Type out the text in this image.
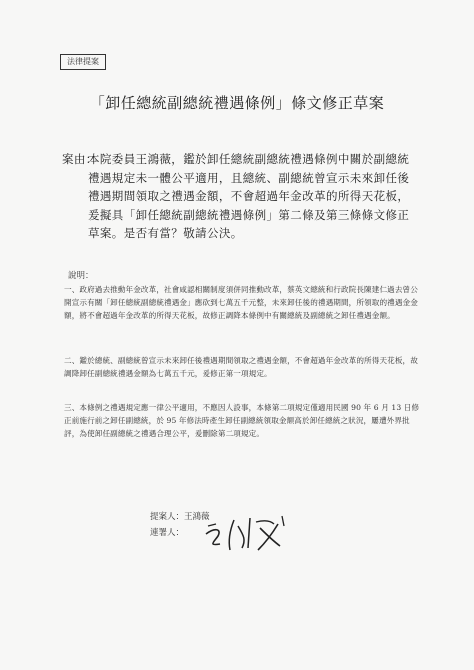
法律提案
「卸任總統副總統禮遇條例」條文修正草案
案由：
本院委員王鴻薇，鑑於卸任總統副總統禮遇條例中關於副總統禮遇規定未一體公平適用，且總統、副總統曾宣示未來卸任後禮遇期間領取之禮遇金額，不會超過年金改革的所得天花板，爰擬具「卸任總統副總統禮遇條例」第二條及第三條條文修正草案。是否有當？敬請公決。
說明：
一、政府過去推動年金改革，社會咸認相關制度須併同推動改革，蔡英文總統和行政院長陳建仁過去曾公開宣示有關「卸任總統副總統禮遇金」應砍到七萬五千元整，未來卸任後的禮遇期間，所領取的禮遇金金額，將不會超過年金改革的所得天花板，故修正調降本條例中有關總統及副總統之卸任禮遇金額。
二、鑑於總統、副總統曾宣示未來卸任後禮遇期間領取之禮遇金額，不會超過年金改革的所得天花板，故調降卸任副總統禮遇金額為七萬五千元，爰修正第一項規定。
三、本條例之禮遇規定應一律公平適用，不應因人設事，本條第二項規定僅適用民國 90 年 6 月 13 日修正前施行前之卸任副總統，於 95 年修法時產生卸任副總統領取金額高於卸任總統之狀況，屢遭外界批評，為使卸任副總統之禮遇合理公平，爰刪除第二項規定。
提案人：王鴻薇
連署人：
